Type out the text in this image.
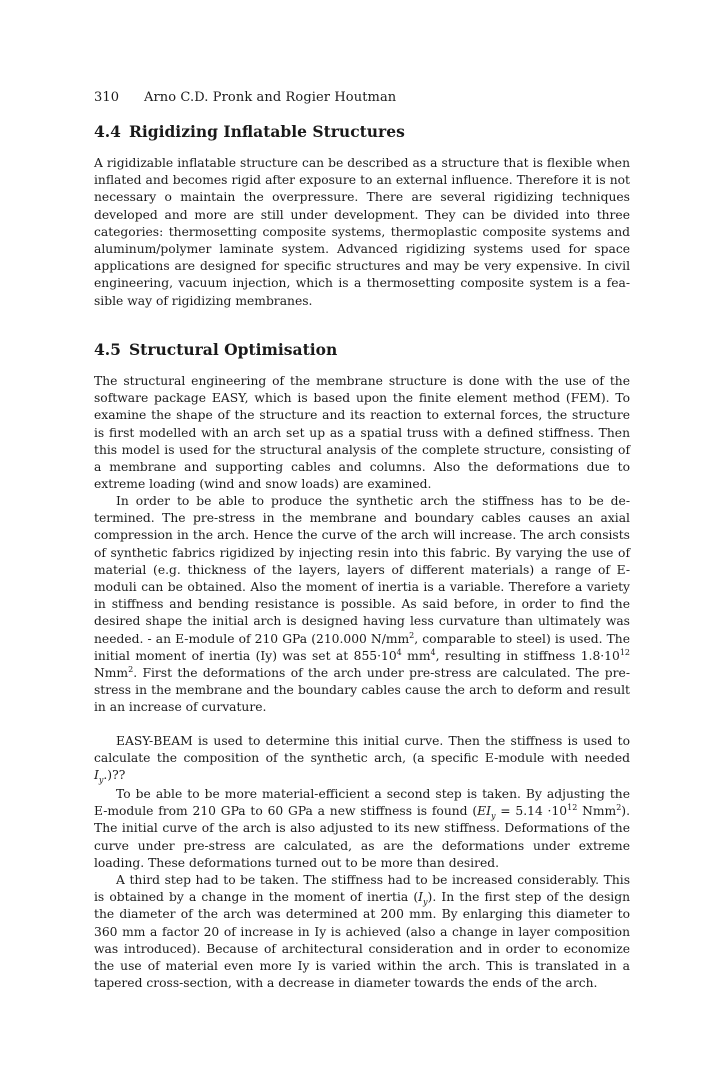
310 Arno C.D. Pronk and Rogier Houtman
4.4 Rigidizing Inflatable Structures

A rigidizable inflatable structure can be described as a structure that is flexible when inflated and becomes rigid after exposure to an external influence. Therefore it is not necessary o maintain the overpressure. There are several rigidizing techniques developed and more are still under development. They can be divided into three categories: thermosetting composite systems, thermoplastic composite systems and aluminum/polymer laminate system. Advanced rigidizing systems used for space applications are designed for specific structures and may be very expensive. In civil engineering, vacuum injection, which is a thermosetting composite system is a feasible way of rigidizing membranes.

4.5 Structural Optimisation

The structural engineering of the membrane structure is done with the use of the software package EASY, which is based upon the finite element method (FEM). To examine the shape of the structure and its reaction to external forces, the structure is first modelled with an arch set up as a spatial truss with a defined stiffness. Then this model is used for the structural analysis of the complete structure, consisting of a membrane and supporting cables and columns. Also the deformations due to extreme loading (wind and snow loads) are examined.

In order to be able to produce the synthetic arch the stiffness has to be determined. The pre-stress in the membrane and boundary cables causes an axial compression in the arch. Hence the curve of the arch will increase. The arch consists of synthetic fabrics rigidized by injecting resin into this fabric. By varying the use of material (e.g. thickness of the layers, layers of different materials) a range of E-moduli can be obtained. Also the moment of inertia is a variable. Therefore a variety in stiffness and bending resistance is possible. As said before, in order to find the desired shape the initial arch is designed having less curvature than ultimately was needed. - an E-module of 210 GPa (210.000 $N/mm^2$, comparable to steel) is used. The initial moment of inertia (Iy) was set at $855\cdot 10^4$ $mm^4$, resulting in stiffness $1.8\cdot 10^{12}$ Nmm$^2$. First the deformations of the arch under pre-stress are calculated. The pre-stress in the membrane and the boundary cables cause the arch to deform and result in an increase of curvature.

EASY-BEAM is used to determine this initial curve. Then the stiffness is used to calculate the composition of the synthetic arch, (a specific E-module with needed $I_y$.)??

To be able to be more material-efficient a second step is taken. By adjusting the E-module from 210 GPa to 60 GPa a new stiffness is found ($EI_y = 5.14 \cdot 10^{12}$ Nmm$^2$). The initial curve of the arch is also adjusted to its new stiffness. Deformations of the curve under pre-stress are calculated, as are the deformations under extreme loading. These deformations turned out to be more than desired.

A third step had to be taken. The stiffness had to be increased considerably. This is obtained by a change in the moment of inertia $(I_y)$. In the first step of the design the diameter of the arch was determined at 200 mm. By enlarging this diameter to 360 mm a factor 20 of increase in Iy is achieved (also a change in layer composition was introduced). Because of architectural consideration and in order to economize the use of material even more Iy is varied within the arch. This is translated in a tapered cross-section, with a decrease in diameter towards the ends of the arch.
